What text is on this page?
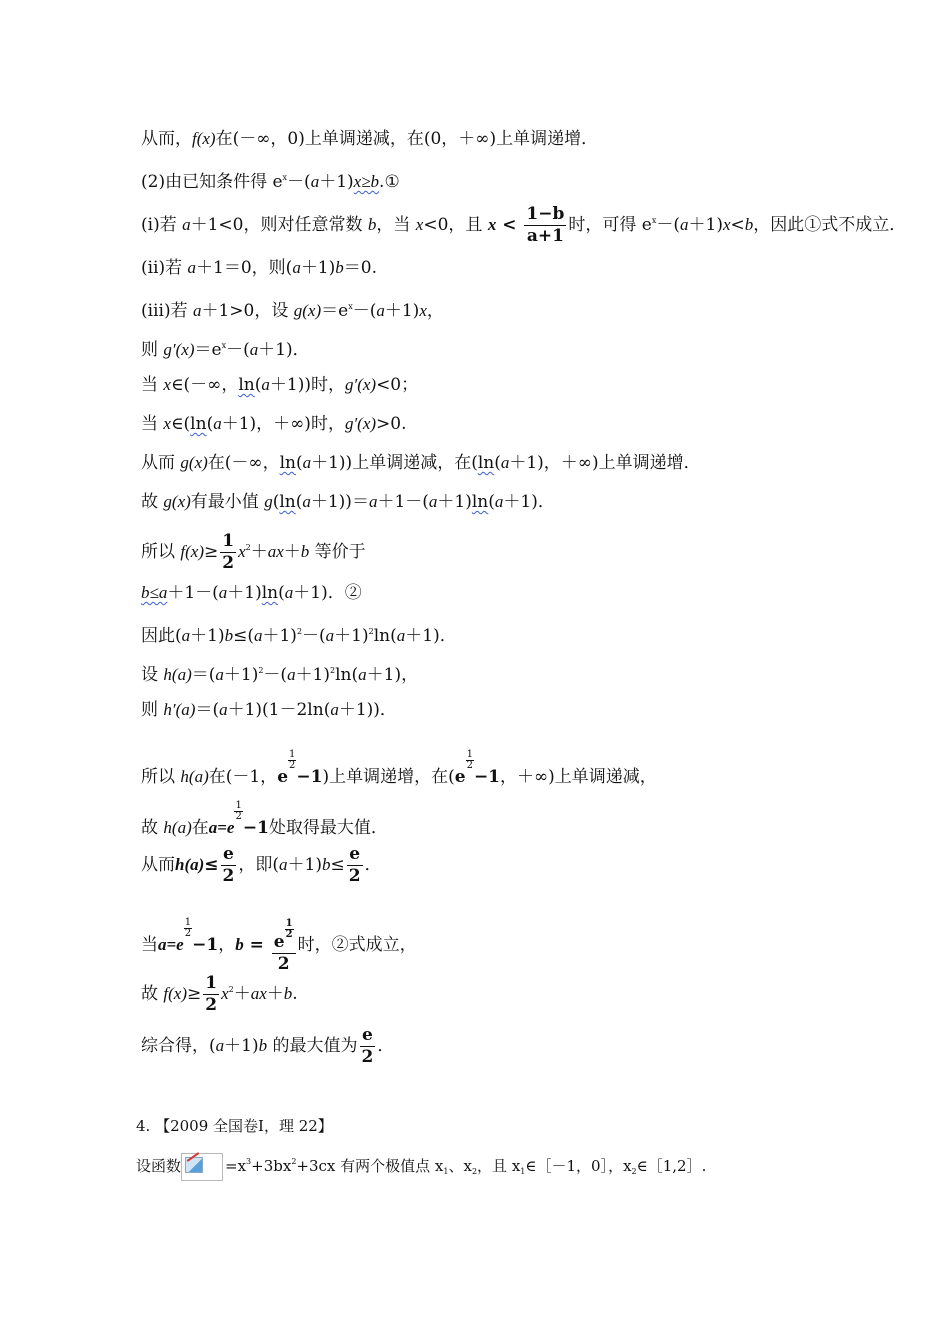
从而，f(x)在(－∞，0)上单调递减，在(0，＋∞)上单调递增．
(2)由已知条件得 $e^x-(a+1)x\ge b.①$
(ⅰ)若 a＋1<0，则对任意常数 b，当 x<0，且 $x < \frac{1-b}{a+1}$ 时，可得 $e^x-(a+1)x<b$，因此①式不成立．
(ⅱ)若 a＋1＝0，则(a＋1)b＝0.
(ⅲ)若 a＋1>0，设 $g(x)=e^x-(a+1)x$，
则 $g'(x)=e^x-(a+1)$．
当 x∈(－∞，ln(a＋1))时，g′(x)<0；
当 x∈(ln(a＋1)，＋∞)时，g′(x)>0.
从而 g(x)在(－∞，ln(a＋1))上单调递减，在(ln(a＋1)，＋∞)上单调递增．
故 g(x)有最小值 g(ln(a＋1))＝a＋1－(a＋1)ln(a＋1)．
所以 $f(x)\ge \frac{1}{2} x^2+ax+b$ 等价于
b≤a＋1－(a＋1)ln(a＋1)．②
因此$(a+1)b\le(a+1)^2-(a+1)^2\ln(a+1)$．
设 $h(a)=(a+1)^2-(a+1)^2\ln(a+1)$，
则 h′(a)＝(a＋1)(1－2ln(a＋1))．
所以 h(a)在(－1，e
$\frac{1}{2}$
−1)上单调递增，在(e
$\frac{1}{2}$
−1，＋∞)上单调递减，
故 h(a)在a=e
$\frac{1}{2}$
−1处取得最大值．
从而$h(a)\le \frac{e}{2}$ ，即$(a+1)b\le \frac{e}{2}$ ．
当a=e
$\frac{1}{2}$
−1，b = e
$\frac{1}{2}$
2 时，②式成立，
故 $f(x)\ge \frac{1}{2} x^2+ax+b$.
综合得，(a＋1)b 的最大值为 $\frac{e}{2}$ ．
4. 【2009 全国卷Ⅰ，理 22】
设函数	$=x^3+3bx^2+3cx$ 有两个极值点 $x_1$、$x_2$，且 $x_1\in[-1$，0］，$x_2\in[1,2]$.
